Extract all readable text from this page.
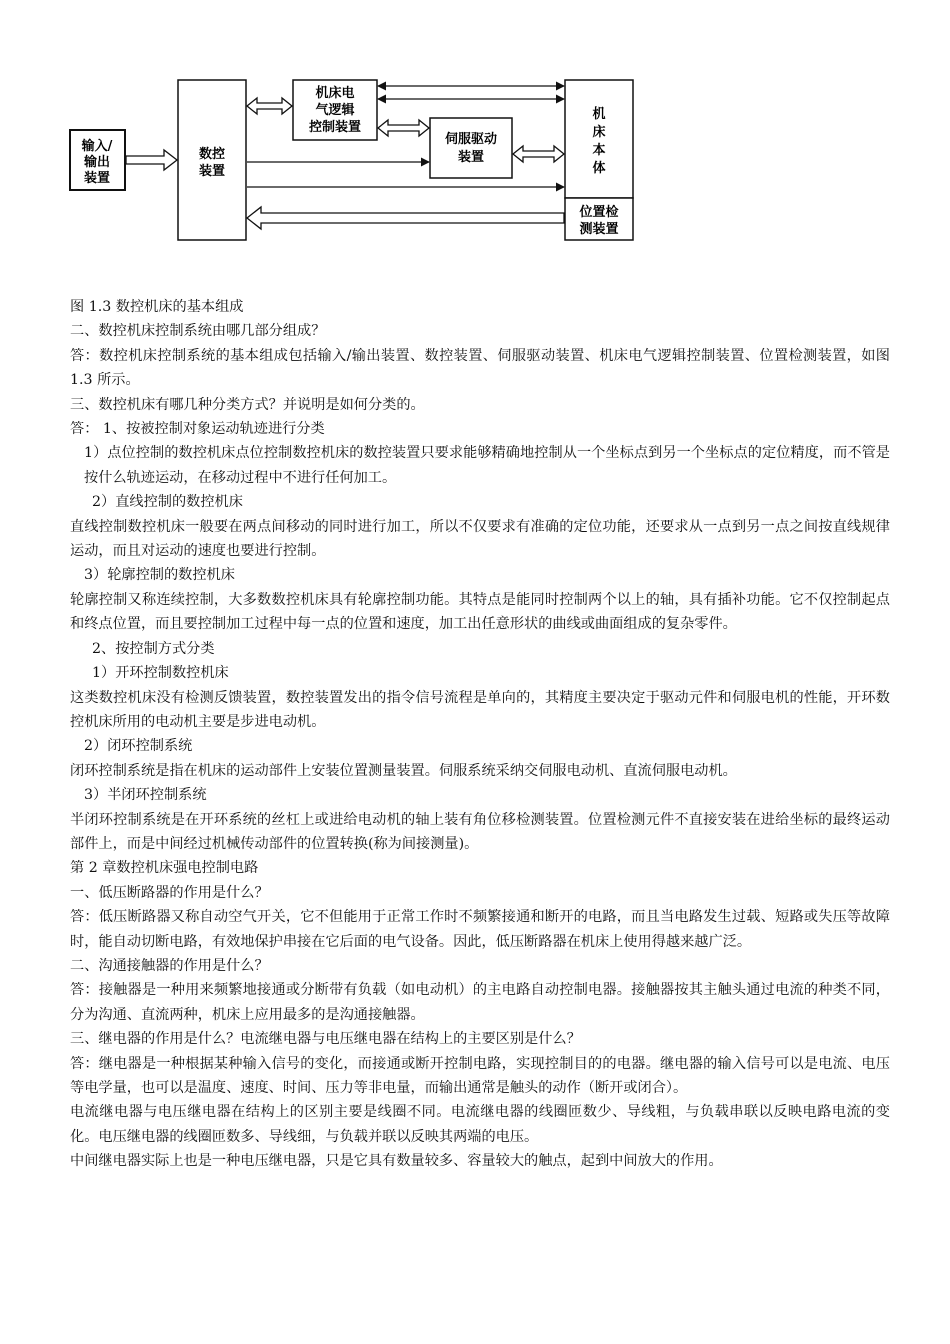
输入/
输出
装置
数控
装置
机床电
气逻辑
控制装置
伺服驱动
装置
机
床
本
体
位置检
测装置

图 1.3 数控机床的基本组成

二、数控机床控制系统由哪几部分组成？

答：数控机床控制系统的基本组成包括输入/输出装置、数控装置、伺服驱动装置、机床电气逻辑控制装置、位置检测装置，如图 1.3 所示。

三、数控机床有哪几种分类方式？并说明是如何分类的。

答： 1、按被控制对象运动轨迹进行分类

1）点位控制的数控机床点位控制数控机床的数控装置只要求能够精确地控制从一个坐标点到另一个坐标点的定位精度，而不管是按什么轨迹运动，在移动过程中不进行任何加工。

2）直线控制的数控机床

直线控制数控机床一般要在两点间移动的同时进行加工，所以不仅要求有准确的定位功能，还要求从一点到另一点之间按直线规律运动，而且对运动的速度也要进行控制。

3）轮廓控制的数控机床

轮廓控制又称连续控制，大多数数控机床具有轮廓控制功能。其特点是能同时控制两个以上的轴，具有插补功能。它不仅控制起点和终点位置，而且要控制加工过程中每一点的位置和速度，加工出任意形状的曲线或曲面组成的复杂零件。

2、按控制方式分类

1）开环控制数控机床

这类数控机床没有检测反馈装置，数控装置发出的指令信号流程是单向的，其精度主要决定于驱动元件和伺服电机的性能，开环数控机床所用的电动机主要是步进电动机。

2）闭环控制系统

闭环控制系统是指在机床的运动部件上安装位置测量装置。伺服系统采纳交伺服电动机、直流伺服电动机。

3）半闭环控制系统

半闭环控制系统是在开环系统的丝杠上或进给电动机的轴上装有角位移检测装置。位置检测元件不直接安装在进给坐标的最终运动部件上，而是中间经过机械传动部件的位置转换(称为间接测量)。

第 2 章数控机床强电控制电路

一、低压断路器的作用是什么？

答：低压断路器又称自动空气开关，它不但能用于正常工作时不频繁接通和断开的电路，而且当电路发生过载、短路或失压等故障时，能自动切断电路，有效地保护串接在它后面的电气设备。因此，低压断路器在机床上使用得越来越广泛。

二、沟通接触器的作用是什么？

答：接触器是一种用来频繁地接通或分断带有负载（如电动机）的主电路自动控制电器。接触器按其主触头通过电流的种类不同，分为沟通、直流两种，机床上应用最多的是沟通接触器。

三、继电器的作用是什么？电流继电器与电压继电器在结构上的主要区别是什么？

答：继电器是一种根据某种输入信号的变化，而接通或断开控制电路，实现控制目的的电器。继电器的输入信号可以是电流、电压等电学量，也可以是温度、速度、时间、压力等非电量，而输出通常是触头的动作（断开或闭合）。

电流继电器与电压继电器在结构上的区别主要是线圈不同。电流继电器的线圈匝数少、导线粗，与负载串联以反映电路电流的变化。电压继电器的线圈匝数多、导线细，与负载并联以反映其两端的电压。

中间继电器实际上也是一种电压继电器，只是它具有数量较多、容量较大的触点，起到中间放大的作用。
